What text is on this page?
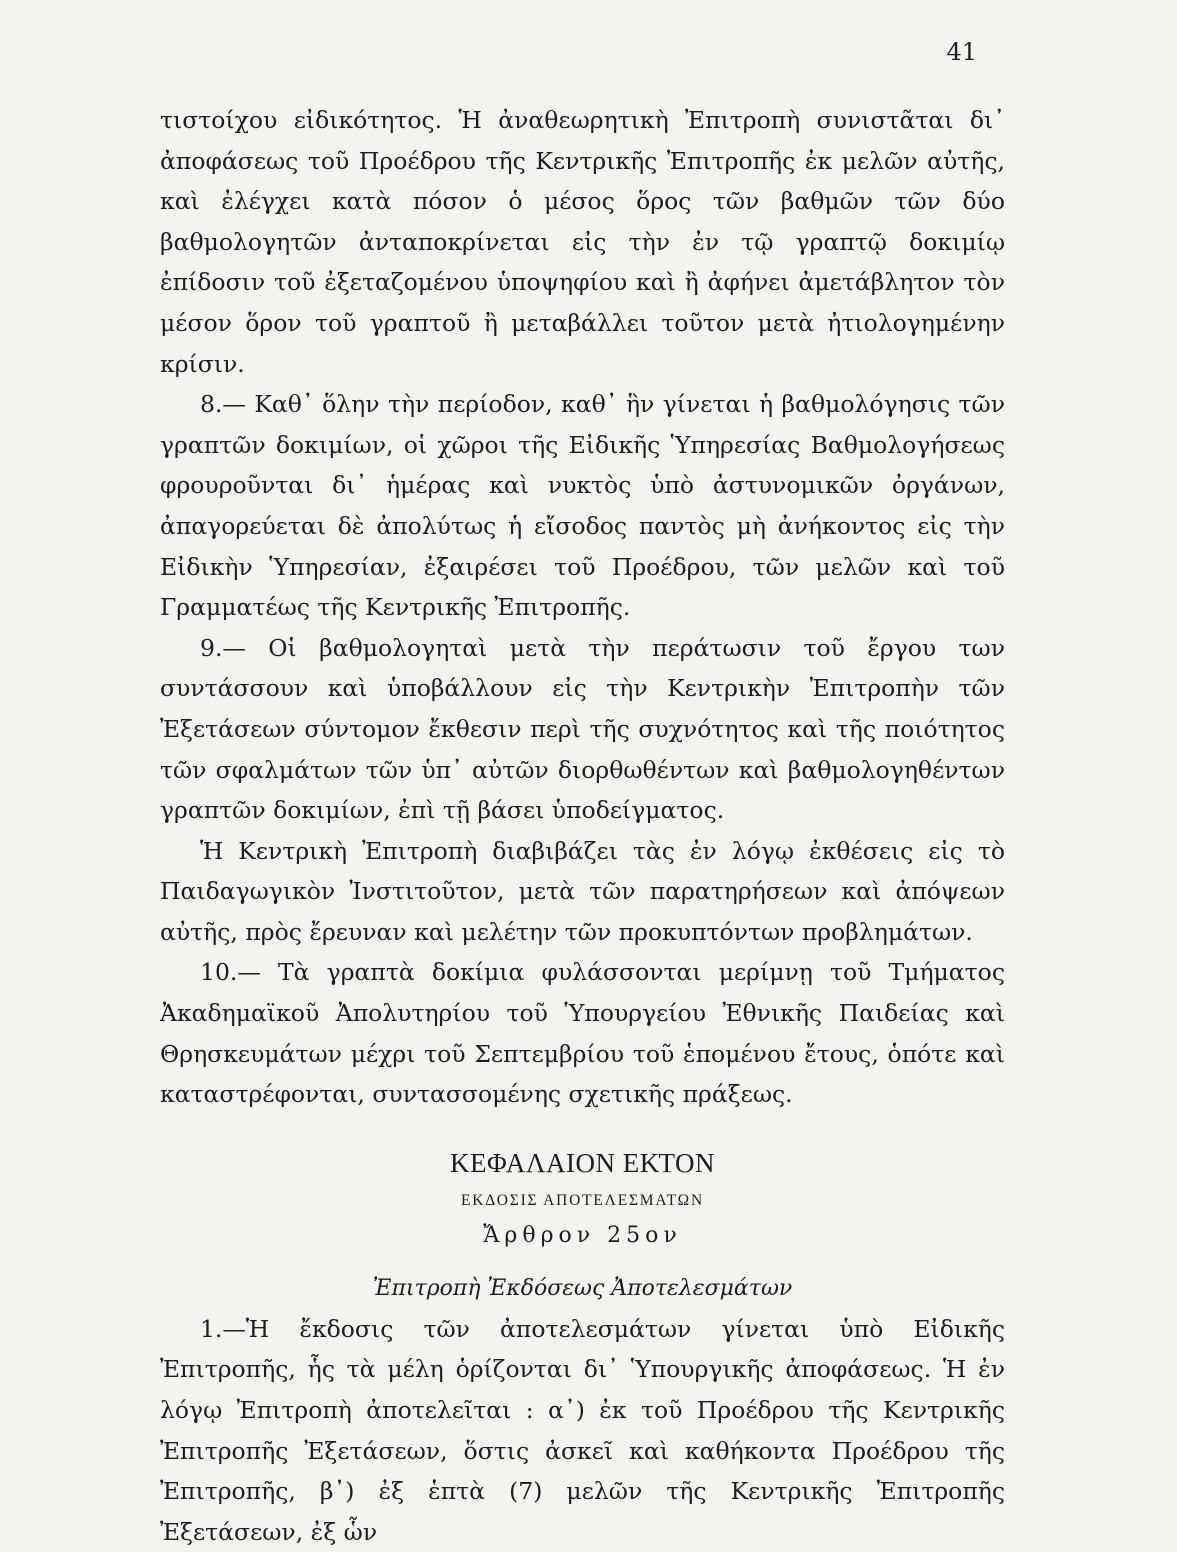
41

τιστοίχου εἰδικότητος. Ἡ ἀναθεωρητικὴ Ἐπιτροπὴ συνιστᾶται δι᾽ ἀποφάσεως τοῦ Προέδρου τῆς Κεντρικῆς Ἐπιτροπῆς ἐκ μελῶν αὐτῆς, καὶ ἐλέγχει κατὰ πόσον ὁ μέσος ὅρος τῶν βαθμῶν τῶν δύο βαθμολογητῶν ἀνταποκρίνεται εἰς τὴν ἐν τῷ γραπτῷ δοκιμίῳ ἐπίδοσιν τοῦ ἐξεταζομένου ὑποψηφίου καὶ ἢ ἀφήνει ἀμετάβλητον τὸν μέσον ὅρον τοῦ γραπτοῦ ἢ μεταβάλλει τοῦτον μετὰ ἠτιολογημένην κρίσιν.

8.— Καθ᾽ ὅλην τὴν περίοδον, καθ᾽ ἣν γίνεται ἡ βαθμολόγησις τῶν γραπτῶν δοκιμίων, οἱ χῶροι τῆς Εἰδικῆς Ὑπηρεσίας Βαθμολογήσεως φρουροῦνται δι᾽ ἡμέρας καὶ νυκτὸς ὑπὸ ἀστυνομικῶν ὀργάνων, ἀπαγορεύεται δὲ ἀπολύτως ἡ εἴσοδος παντὸς μὴ ἀνήκοντος εἰς τὴν Εἰδικὴν Ὑπηρεσίαν, ἐξαιρέσει τοῦ Προέδρου, τῶν μελῶν καὶ τοῦ Γραμματέως τῆς Κεντρικῆς Ἐπιτροπῆς.

9.— Οἱ βαθμολογηταὶ μετὰ τὴν περάτωσιν τοῦ ἔργου των συντάσσουν καὶ ὑποβάλλουν εἰς τὴν Κεντρικὴν Ἐπιτροπὴν τῶν Ἐξετάσεων σύντομον ἔκθεσιν περὶ τῆς συχνότητος καὶ τῆς ποιότητος τῶν σφαλμάτων τῶν ὑπ᾽ αὐτῶν διορθωθέντων καὶ βαθμολογηθέντων γραπτῶν δοκιμίων, ἐπὶ τῇ βάσει ὑποδείγματος.

Ἡ Κεντρικὴ Ἐπιτροπὴ διαβιβάζει τὰς ἐν λόγῳ ἐκθέσεις εἰς τὸ Παιδαγωγικὸν Ἰνστιτοῦτον, μετὰ τῶν παρατηρήσεων καὶ ἀπόψεων αὐτῆς, πρὸς ἔρευναν καὶ μελέτην τῶν προκυπτόντων προβλημάτων.

10.— Τὰ γραπτὰ δοκίμια φυλάσσονται μερίμνῃ τοῦ Τμήματος Ἀκαδημαϊκοῦ Ἀπολυτηρίου τοῦ Ὑπουργείου Ἐθνικῆς Παιδείας καὶ Θρησκευμάτων μέχρι τοῦ Σεπτεμβρίου τοῦ ἑπομένου ἔτους, ὁπότε καὶ καταστρέφονται, συντασσομένης σχετικῆς πράξεως.

ΚΕΦΑΛΑΙΟΝ ΕΚΤΟΝ
ΕΚΔΟΣΙΣ ΑΠΟΤΕΛΕΣΜΑΤΩΝ
Ἄρθρον 25ον
Ἐπιτροπὴ Ἐκδόσεως Ἀποτελεσμάτων

1.—Ἡ ἔκδοσις τῶν ἀποτελεσμάτων γίνεται ὑπὸ Εἰδικῆς Ἐπιτροπῆς, ἧς τὰ μέλη ὁρίζονται δι᾽ Ὑπουργικῆς ἀποφάσεως. Ἡ ἐν λόγῳ Ἐπιτροπὴ ἀποτελεῖται : α᾽) ἐκ τοῦ Προέδρου τῆς Κεντρικῆς Ἐπιτροπῆς Ἐξετάσεων, ὅστις ἀσκεῖ καὶ καθήκοντα Προέδρου τῆς Ἐπιτροπῆς, β᾽) ἐξ ἑπτὰ (7) μελῶν τῆς Κεντρικῆς Ἐπιτροπῆς Ἐξετάσεων, ἐξ ὧν
